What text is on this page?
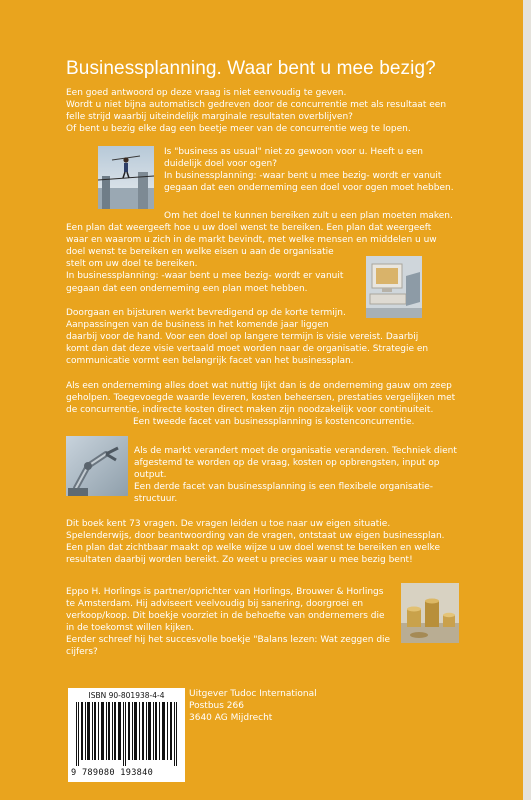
Businessplanning. Waar bent u mee bezig?
Een goed antwoord op deze vraag is niet eenvoudig te geven.
Wordt u niet bijna automatisch gedreven door de concurrentie met als resultaat een
felle strijd waarbij uiteindelijk marginale resultaten overblijven?
Of bent u bezig elke dag een beetje meer van de concurrentie weg te lopen.
Is "business as usual" niet zo gewoon voor u. Heeft u een
duidelijk doel voor ogen?
In businessplanning: -waar bent u mee bezig- wordt er vanuit
gegaan dat een onderneming een doel voor ogen moet hebben.
Om het doel te kunnen bereiken zult u een plan moeten maken.
Een plan dat weergeeft hoe u uw doel wenst te bereiken. Een plan dat weergeeft
waar en waarom u zich in de markt bevindt, met welke mensen en middelen u uw
doel wenst te bereiken en welke eisen u aan de organisatie
stelt om uw doel te bereiken.
In businessplanning: -waar bent u mee bezig- wordt er vanuit
gegaan dat een onderneming een plan moet hebben.
Doorgaan en bijsturen werkt bevredigend op de korte termijn.
Aanpassingen van de business in het komende jaar liggen
daarbij voor de hand. Voor een doel op langere termijn is visie vereist. Daarbij
komt dan dat deze visie vertaald moet worden naar de organisatie. Strategie en
communicatie vormt een belangrijk facet van het businessplan.
Als een onderneming alles doet wat nuttig lijkt dan is de onderneming gauw om zeep
geholpen. Toegevoegde waarde leveren, kosten beheersen, prestaties vergelijken met
de concurrentie, indirecte kosten direct maken zijn noodzakelijk voor continuiteit.
Een tweede facet van businessplanning is kostenconcurrentie.
Als de markt verandert moet de organisatie veranderen. Techniek dient
afgestemd te worden op de vraag, kosten op opbrengsten, input op
output.
Een derde facet van businessplanning is een flexibele organisatie-
structuur.
Dit boek kent 73 vragen. De vragen leiden u toe naar uw eigen situatie.
Spelenderwijs, door beantwoording van de vragen, ontstaat uw eigen businessplan.
Een plan dat zichtbaar maakt op welke wijze u uw doel wenst te bereiken en welke
resultaten daarbij worden bereikt. Zo weet u precies waar u mee bezig bent!
Eppo H. Horlings is partner/oprichter van Horlings, Brouwer & Horlings
te Amsterdam. Hij adviseert veelvoudig bij sanering, doorgroei en
verkoop/koop. Dit boekje voorziet in de behoefte van ondernemers die
in de toekomst willen kijken.
Eerder schreef hij het succesvolle boekje "Balans lezen: Wat zeggen die
cijfers?
ISBN 90-801938-4-4
9 789080 193840
Uitgever Tudoc International
Postbus 266
3640 AG Mijdrecht
